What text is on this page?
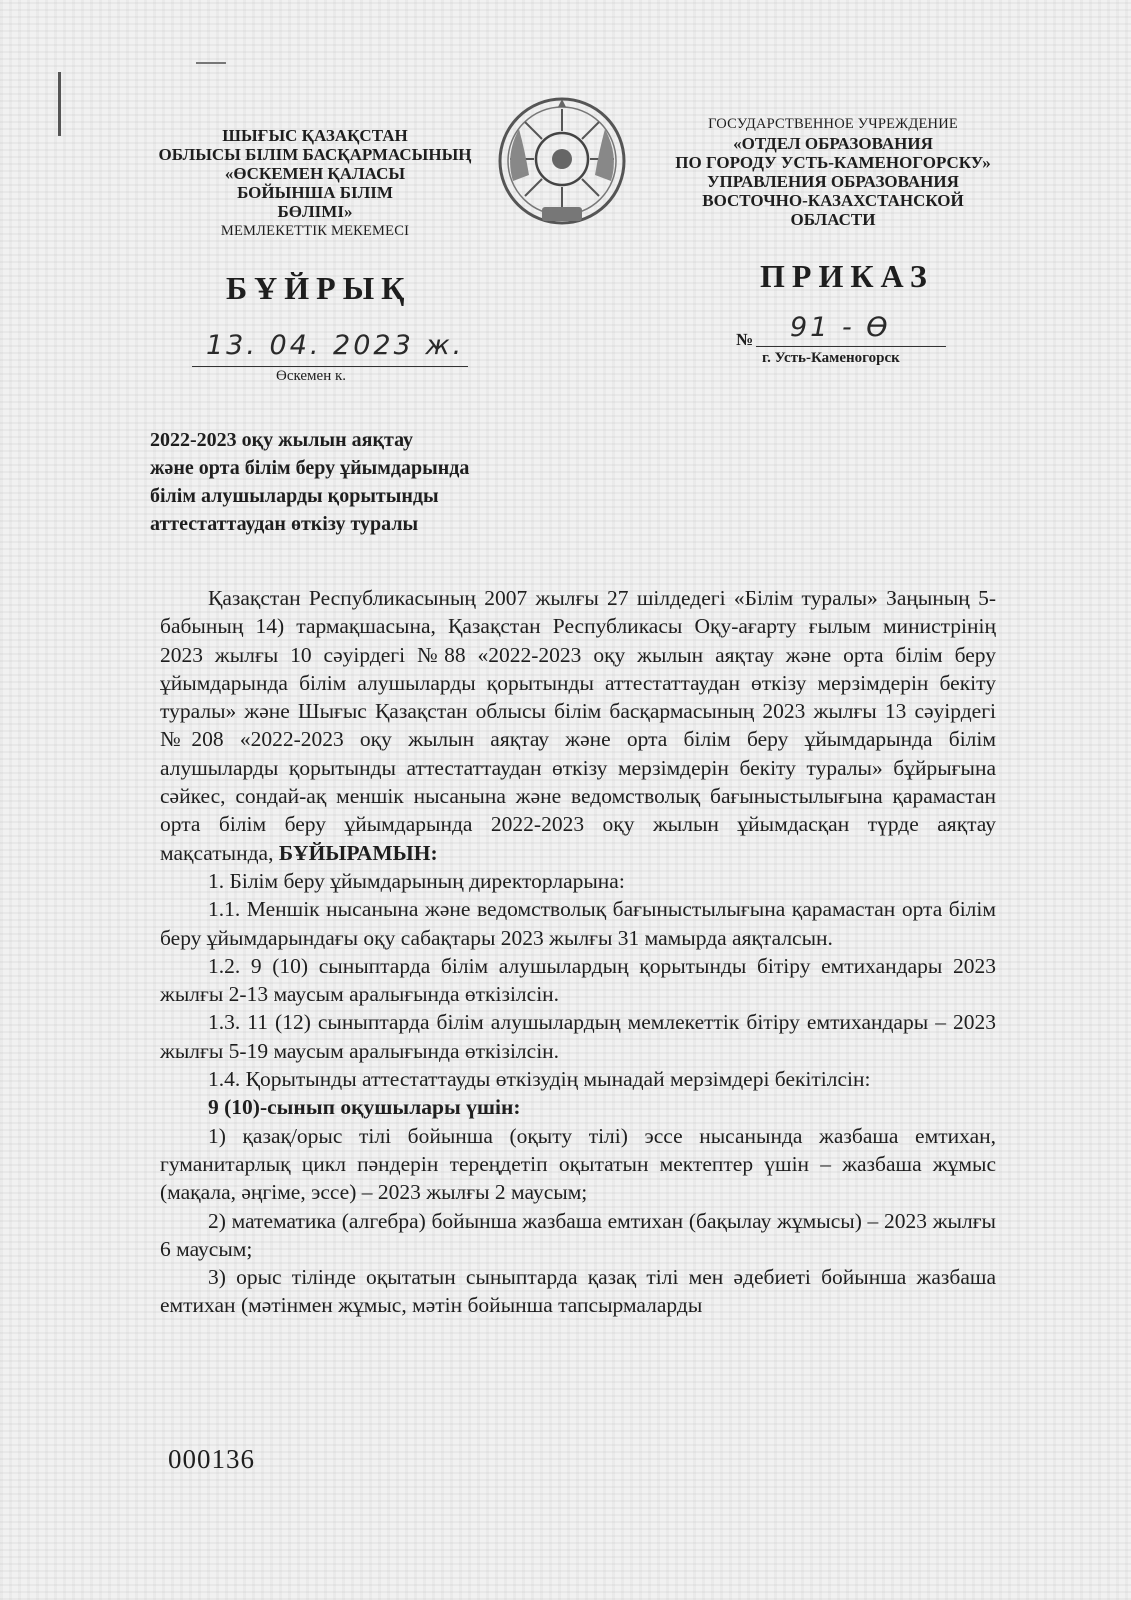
ШЫҒЫС ҚАЗАҚСТАН
ОБЛЫСЫ БІЛІМ БАСҚАРМАСЫНЫҢ
«ӨСКЕМЕН ҚАЛАСЫ
БОЙЫНША БІЛІМ
БӨЛІМІ»
МЕМЛЕКЕТТІК МЕКЕМЕСІ
ГОСУДАРСТВЕННОЕ УЧРЕЖДЕНИЕ
«ОТДЕЛ ОБРАЗОВАНИЯ
ПО ГОРОДУ УСТЬ-КАМЕНОГОРСКУ»
УПРАВЛЕНИЯ ОБРАЗОВАНИЯ
ВОСТОЧНО-КАЗАХСТАНСКОЙ
ОБЛАСТИ
БҰЙРЫҚ	ПРИКАЗ
13. 04. 2023 ж.
Өскемен к.
№ 91 - Ө
г. Усть-Каменогорск
2022-2023 оқу жылын аяқтау
және орта білім беру ұйымдарында
білім алушыларды қорытынды
аттестаттаудан өткізу туралы

Қазақстан Республикасының 2007 жылғы 27 шілдедегі «Білім туралы» Заңының 5-бабының 14) тармақшасына, Қазақстан Республикасы Оқу-ағарту ғылым министрінің 2023 жылғы 10 сәуірдегі №88 «2022-2023 оқу жылын аяқтау және орта білім беру ұйымдарында білім алушыларды қорытынды аттестаттаудан өткізу мерзімдерін бекіту туралы» және Шығыс Қазақстан облысы білім басқармасының 2023 жылғы 13 сәуірдегі №208 «2022-2023 оқу жылын аяқтау және орта білім беру ұйымдарында білім алушыларды қорытынды аттестаттаудан өткізу мерзімдерін бекіту туралы» бұйрығына сәйкес, сондай-ақ меншік нысанына және ведомстволық бағыныстылығына қарамастан орта білім беру ұйымдарында 2022-2023 оқу жылын ұйымдасқан түрде аяқтау мақсатында, БҰЙЫРАМЫН:

1. Білім беру ұйымдарының директорларына:

1.1. Меншік нысанына және ведомстволық бағыныстылығына қарамастан орта білім беру ұйымдарындағы оқу сабақтары 2023 жылғы 31 мамырда аяқталсын.

1.2. 9 (10) сыныптарда білім алушылардың қорытынды бітіру емтихандары 2023 жылғы 2-13 маусым аралығында өткізілсін.

1.3. 11 (12) сыныптарда білім алушылардың мемлекеттік бітіру емтихандары – 2023 жылғы 5-19 маусым аралығында өткізілсін.

1.4. Қорытынды аттестаттауды өткізудің мынадай мерзімдері бекітілсін:

9 (10)-сынып оқушылары үшін:

1) қазақ/орыс тілі бойынша (оқыту тілі) эссе нысанында жазбаша емтихан, гуманитарлық цикл пәндерін тереңдетіп оқытатын мектептер үшін – жазбаша жұмыс (мақала, әңгіме, эссе) – 2023 жылғы 2 маусым;

2) математика (алгебра) бойынша жазбаша емтихан (бақылау жұмысы) – 2023 жылғы 6 маусым;

3) орыс тілінде оқытатын сыныптарда қазақ тілі мен әдебиеті бойынша жазбаша емтихан (мәтінмен жұмыс, мәтін бойынша тапсырмаларды

000136
